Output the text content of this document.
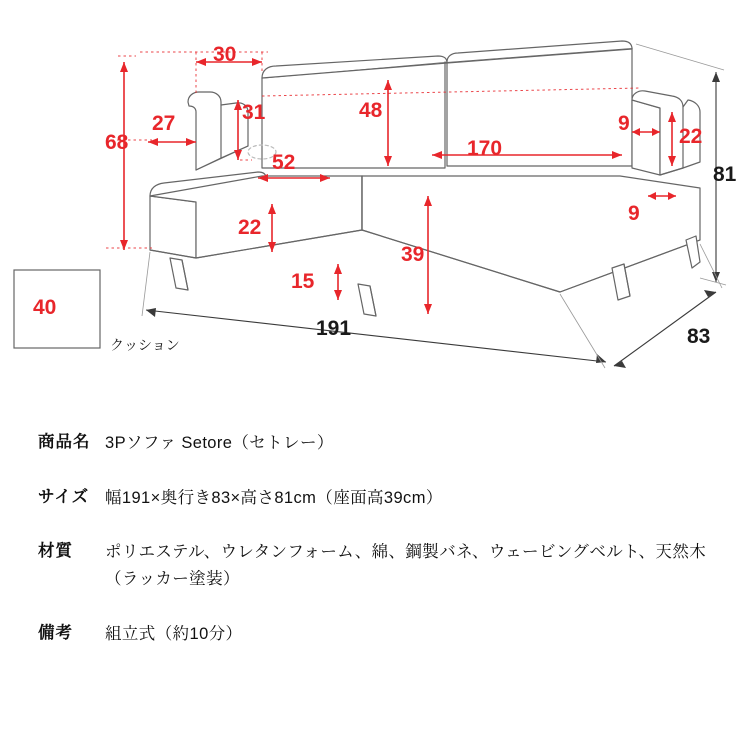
30
27	31
68
48
170
9
22
81
52
22
9
15
39
191	83
40
クッション
商品名 3Pソファ Setore（セトレー）
サイズ 幅191×奥行き83×高さ81cm（座面高39cm）
材質	ポリエステル、ウレタンフォーム、綿、鋼製バネ、ウェービングベルト、天然木（ラッカー塗装）
備考	組立式（約10分）
